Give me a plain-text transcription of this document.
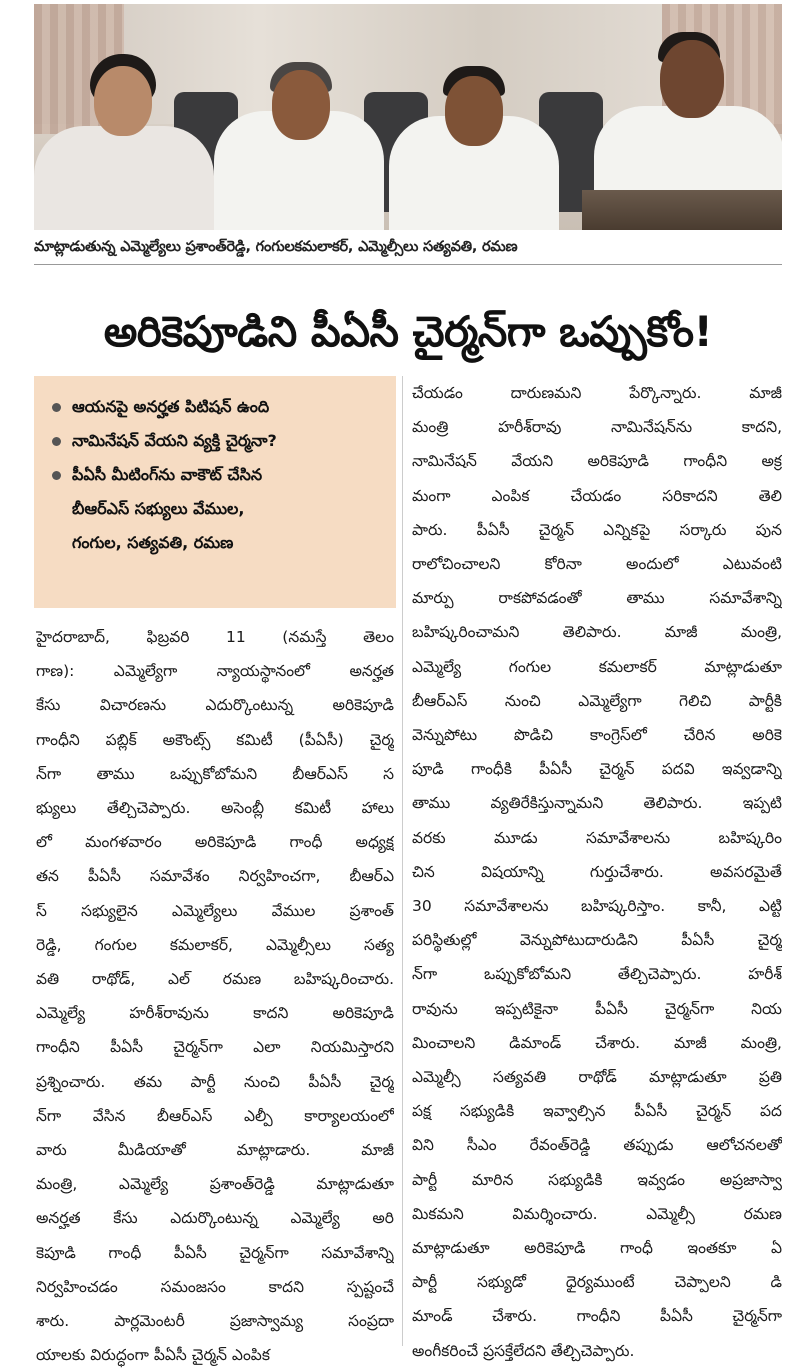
మాట్లాడుతున్న ఎమ్మెల్యేలు ప్రశాంత్‌రెడ్డి, గంగులకమలాకర్, ఎమ్మెల్సీలు సత్యవతి, రమణ
అరికెపూడిని పీఏసీ చైర్మన్‌గా ఒప్పుకోం!
ఆయనపై అనర్హత పిటిషన్ ఉంది
నామినేషన్ వేయని వ్యక్తి చైర్మనా?
పీఏసీ మీటింగ్‌ను వాకౌట్ చేసిన
బీఆర్ఎస్ సభ్యులు వేముల,
గంగుల, సత్యవతి, రమణ

హైదరాబాద్, ఫిబ్రవరి 11 (నమస్తే తెలం

గాణ): ఎమ్మెల్యేగా న్యాయస్థానంలో అనర్హత

కేసు విచారణను ఎదుర్కొంటున్న అరికెపూడి

గాంధీని పబ్లిక్ అకౌంట్స్ కమిటీ (పీఏసీ) చైర్మ

న్‌గా తాము ఒప్పుకోబోమని బీఆర్ఎస్ స

భ్యులు తేల్చిచెప్పారు. అసెంబ్లీ కమిటీ హాలు

లో మంగళవారం అరికెపూడి గాంధీ అధ్యక్ష

తన పీఏసీ సమావేశం నిర్వహించగా, బీఆర్ఎ

స్ సభ్యులైన ఎమ్మెల్యేలు వేముల ప్రశాంత్

రెడ్డి, గంగుల కమలాకర్, ఎమ్మెల్సీలు సత్య

వతి రాథోడ్, ఎల్ రమణ బహిష్కరించారు.

ఎమ్మెల్యే హరీశ్‌రావును కాదని అరికెపూడి

గాంధీని పీఏసీ చైర్మన్‌గా ఎలా నియమిస్తారని

ప్రశ్నించారు. తమ పార్టీ నుంచి పీఏసీ చైర్మ

న్‌గా వేసిన బీఆర్ఎస్ ఎల్పీ కార్యాలయంలో

వారు మీడియాతో మాట్లాడారు. మాజీ

మంత్రి, ఎమ్మెల్యే ప్రశాంత్‌రెడ్డి మాట్లాడుతూ

అనర్హత కేసు ఎదుర్కొంటున్న ఎమ్మెల్యే అరి

కెపూడి గాంధీ పీఏసీ చైర్మన్‌గా సమావేశాన్ని

నిర్వహించడం సమంజసం కాదని స్పష్టంచే

శారు. పార్లమెంటరీ ప్రజాస్వామ్య సంప్రదా

యాలకు విరుద్ధంగా పీఏసీ చైర్మన్ ఎంపిక

చేయడం దారుణమని పేర్కొన్నారు. మాజీ

మంత్రి హరీశ్‌రావు నామినేషన్‌ను కాదని,

నామినేషన్ వేయని అరికెపూడి గాంధీని అక్ర

మంగా ఎంపిక చేయడం సరికాదని తెలి

పారు. పీఏసీ చైర్మన్ ఎన్నికపై సర్కారు పున

రాలోచించాలని కోరినా అందులో ఎటువంటి

మార్పు రాకపోవడంతో తాము సమావేశాన్ని

బహిష్కరించామని తెలిపారు. మాజీ మంత్రి,

ఎమ్మెల్యే గంగుల కమలాకర్ మాట్లాడుతూ

బీఆర్ఎస్ నుంచి ఎమ్మెల్యేగా గెలిచి పార్టీకి

వెన్నుపోటు పొడిచి కాంగ్రెస్‌లో చేరిన అరికె

పూడి గాంధీకి పీఏసీ చైర్మన్ పదవి ఇవ్వడాన్ని

తాము వ్యతిరేకిస్తున్నామని తెలిపారు. ఇప్పటి

వరకు మూడు సమావేశాలను బహిష్కరిం

చిన విషయాన్ని గుర్తుచేశారు. అవసరమైతే

30 సమావేశాలను బహిష్కరిస్తాం. కానీ, ఎట్టి

పరిస్థితుల్లో వెన్నుపోటుదారుడిని పీఏసీ చైర్మ

న్‌గా ఒప్పుకోబోమని తేల్చిచెప్పారు. హరీశ్

రావును ఇప్పటికైనా పీఏసీ చైర్మన్‌గా నియ

మించాలని డిమాండ్ చేశారు. మాజీ మంత్రి,

ఎమ్మెల్సీ సత్యవతి రాథోడ్ మాట్లాడుతూ ప్రతి

పక్ష సభ్యుడికి ఇవ్వాల్సిన పీఏసీ చైర్మన్ పద

విని సీఎం రేవంత్‌రెడ్డి తప్పుడు ఆలోచనలతో

పార్టీ మారిన సభ్యుడికి ఇవ్వడం అప్రజాస్వా

మికమని విమర్శించారు. ఎమ్మెల్సీ రమణ

మాట్లాడుతూ అరికెపూడి గాంధీ ఇంతకూ ఏ

పార్టీ సభ్యుడో ధైర్యముంటే చెప్పాలని డి

మాండ్ చేశారు. గాంధీని పీఏసీ చైర్మన్‌గా

అంగీకరించే ప్రసక్తేలేదని తేల్చిచెప్పారు.
